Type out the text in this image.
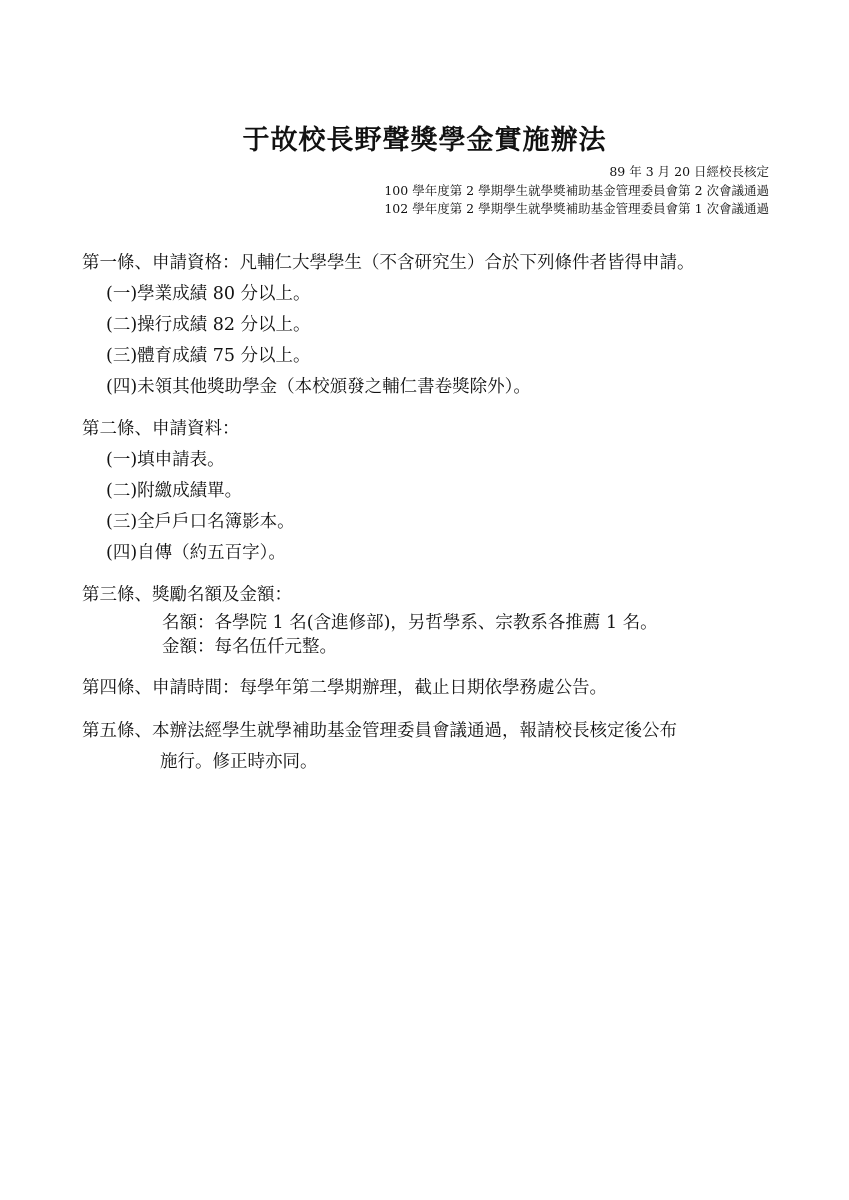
于故校長野聲獎學金實施辦法
89 年 3 月 20 日經校長核定
100 學年度第 2 學期學生就學獎補助基金管理委員會第 2 次會議通過
102 學年度第 2 學期學生就學獎補助基金管理委員會第 1 次會議通過
第一條、申請資格：凡輔仁大學學生（不含研究生）合於下列條件者皆得申請。
(一)學業成績 80 分以上。
(二)操行成績 82 分以上。
(三)體育成績 75 分以上。
(四)未領其他獎助學金（本校頒發之輔仁書卷獎除外）。
第二條、申請資料：
(一)填申請表。
(二)附繳成績單。
(三)全戶戶口名簿影本。
(四)自傳（約五百字）。
第三條、獎勵名額及金額：
名額：各學院 1 名(含進修部)，另哲學系、宗教系各推薦 1 名。
金額：每名伍仟元整。
第四條、申請時間：每學年第二學期辦理，截止日期依學務處公告。
第五條、本辦法經學生就學補助基金管理委員會議通過，報請校長核定後公布
施行。修正時亦同。
